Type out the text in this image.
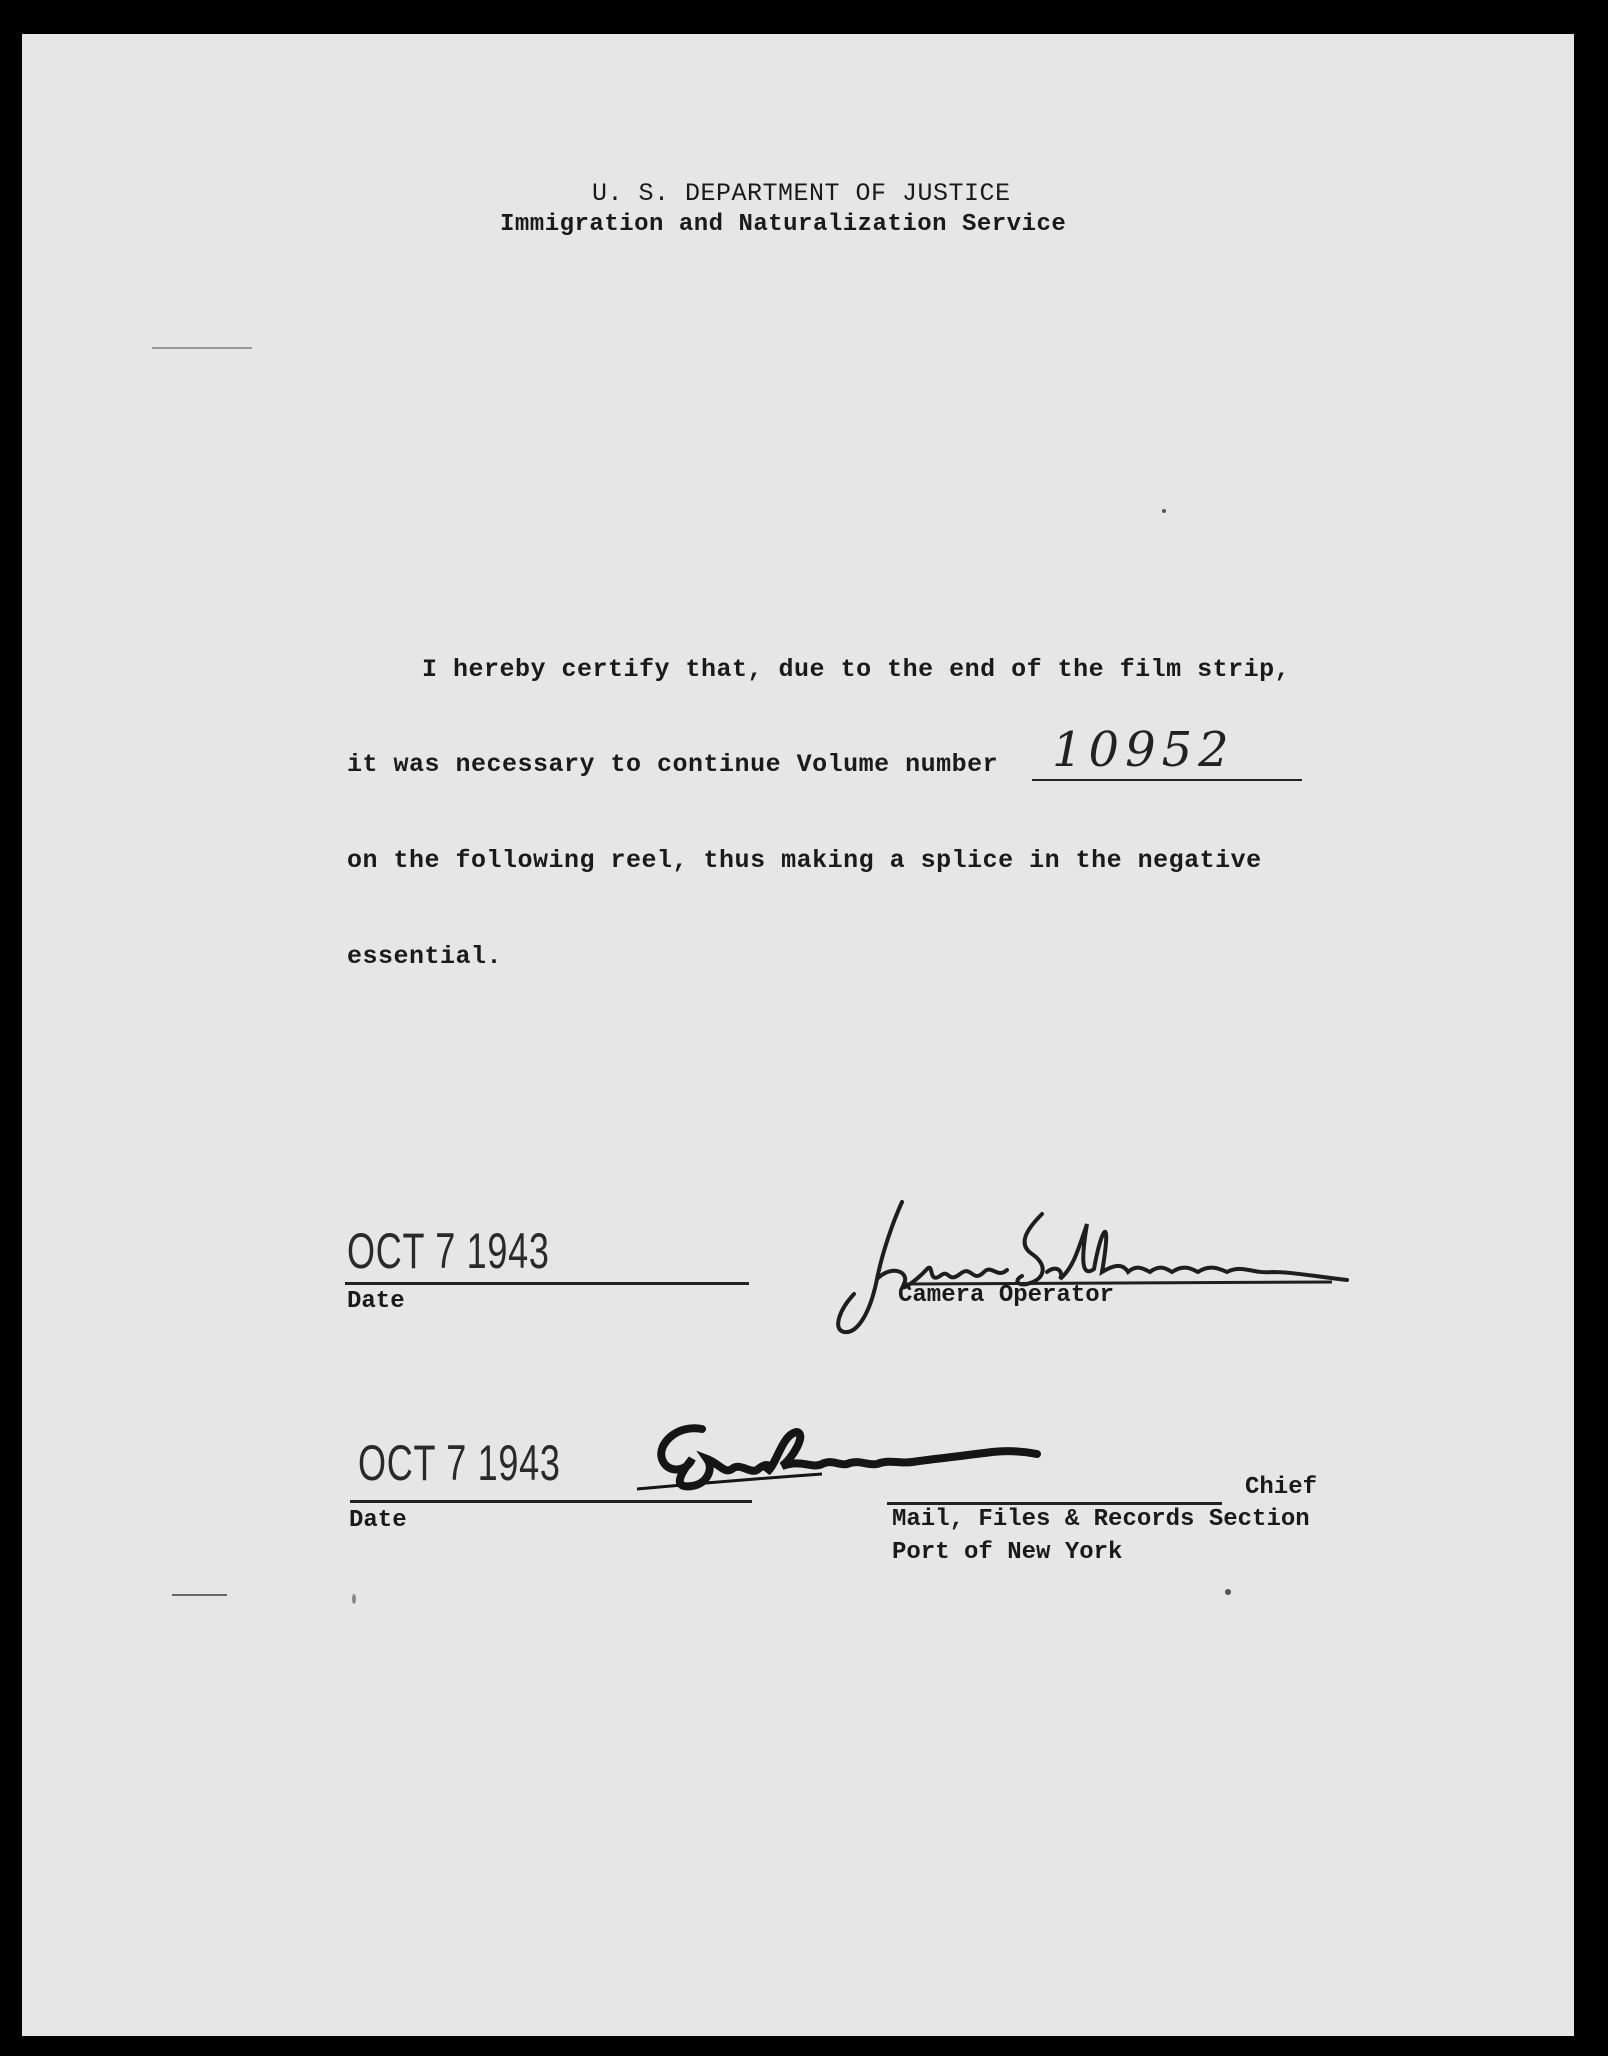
U. S. DEPARTMENT OF JUSTICE
Immigration and Naturalization Service
I hereby certify that, due to the end of the film strip,
it was necessary to continue Volume number 10952
on the following reel, thus making a splice in the negative
essential.
OCT 7 1943
Date	Camera Operator
OCT 7 1943
Date
Chief
Mail, Files & Records Section
Port of New York
